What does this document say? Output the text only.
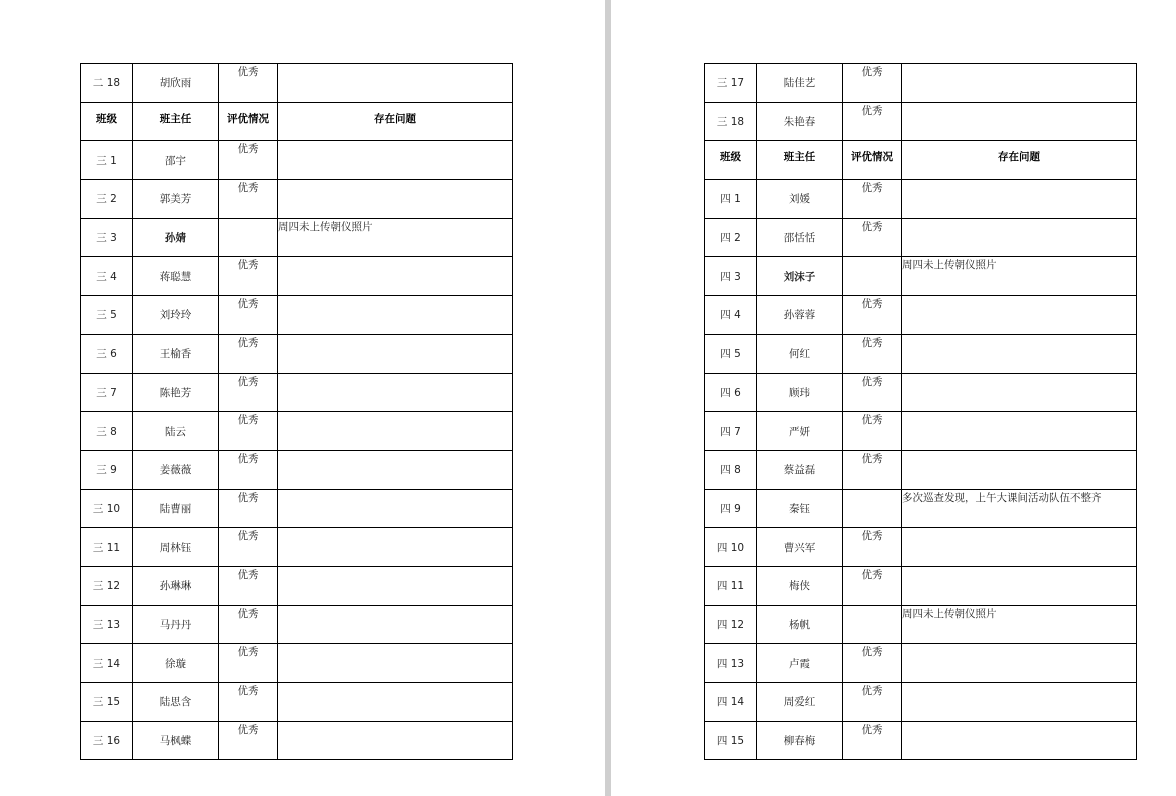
二 18	胡欣雨	优秀	
班级	班主任	评优情况	存在问题
三 1	邵宇	优秀	
三 2	郭美芳	优秀	
三 3	孙婧		周四未上传朝仪照片
三 4	蒋聪慧	优秀	
三 5	刘玲玲	优秀	
三 6	王榆香	优秀	
三 7	陈艳芳	优秀	
三 8	陆云	优秀	
三 9	姜薇薇	优秀	
三 10	陆曹丽	优秀	
三 11	周林钰	优秀	
三 12	孙琳琳	优秀	
三 13	马丹丹	优秀	
三 14	徐璇	优秀	
三 15	陆思含	优秀	
三 16	马枫蝶	优秀	
三 17	陆佳艺	优秀	
三 18	朱艳春	优秀	
班级	班主任	评优情况	存在问题
四 1	刘媛	优秀	
四 2	邵恬恬	优秀	
四 3	刘沫子		周四未上传朝仪照片
四 4	孙蓉蓉	优秀	
四 5	何红	优秀	
四 6	顾玮	优秀	
四 7	严妍	优秀	
四 8	蔡益磊	优秀	
四 9	秦钰		多次巡查发现，上午大课间活动队伍不整齐
四 10	曹兴军	优秀	
四 11	梅侠	优秀	
四 12	杨帆		周四未上传朝仪照片
四 13	卢霞	优秀	
四 14	周爱红	优秀	
四 15	柳春梅	优秀	
